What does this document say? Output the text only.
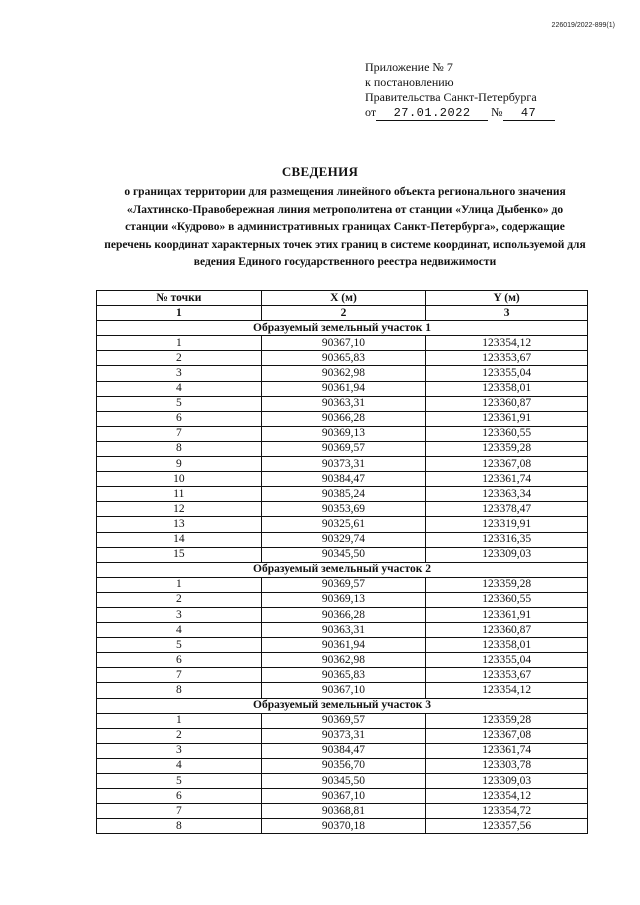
226019/2022-899(1)
Приложение № 7
к постановлению
Правительства Санкт-Петербурга
от 27.01.2022 № 47
СВЕДЕНИЯ
о границах территории для размещения линейного объекта регионального значения «Лахтинско-Правобережная линия метрополитена от станции «Улица Дыбенко» до станции «Кудрово» в административных границах Санкт-Петербурга», содержащие перечень координат характерных точек этих границ в системе координат, используемой для ведения Единого государственного реестра недвижимости
№ точки	X (м)	Y (м)
1	2	3
Образуемый земельный участок 1		
1	90367,10	123354,12
2	90365,83	123353,67
3	90362,98	123355,04
4	90361,94	123358,01
5	90363,31	123360,87
6	90366,28	123361,91
7	90369,13	123360,55
8	90369,57	123359,28
9	90373,31	123367,08
10	90384,47	123361,74
11	90385,24	123363,34
12	90353,69	123378,47
13	90325,61	123319,91
14	90329,74	123316,35
15	90345,50	123309,03
Образуемый земельный участок 2		
1	90369,57	123359,28
2	90369,13	123360,55
3	90366,28	123361,91
4	90363,31	123360,87
5	90361,94	123358,01
6	90362,98	123355,04
7	90365,83	123353,67
8	90367,10	123354,12
Образуемый земельный участок 3		
1	90369,57	123359,28
2	90373,31	123367,08
3	90384,47	123361,74
4	90356,70	123303,78
5	90345,50	123309,03
6	90367,10	123354,12
7	90368,81	123354,72
8	90370,18	123357,56
